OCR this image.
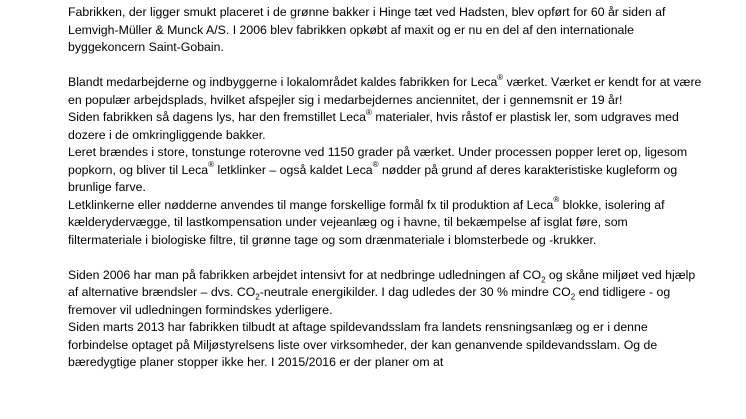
Fabrikken, der ligger smukt placeret i de grønne bakker i Hinge tæt ved Hadsten, blev opført for 60 år siden af Lemvigh-Müller & Munck A/S. I 2006 blev fabrikken opkøbt af maxit og er nu en del af den internationale byggekoncern Saint-Gobain.

Blandt medarbejderne og indbyggerne i lokalområdet kaldes fabrikken for Leca® værket. Værket er kendt for at være en populær arbejdsplads, hvilket afspejler sig i medarbejdernes anciennitet, der i gennemsnit er 19 år!

Siden fabrikken så dagens lys, har den fremstillet Leca® materialer, hvis råstof er plastisk ler, som udgraves med dozere i de omkringliggende bakker.

Leret brændes i store, tonstunge roterovne ved 1150 grader på værket. Under processen popper leret op, ligesom popkorn, og bliver til Leca® letklinker – også kaldet Leca® nødder på grund af deres karakteristiske kugleform og brunlige farve.

Letklinkerne eller nødderne anvendes til mange forskellige formål fx til produktion af Leca® blokke, isolering af kælderydervægge, til lastkompensation under vejeanlæg og i havne, til bekæmpelse af isglat føre, som filtermateriale i biologiske filtre, til grønne tage og som drænmateriale i blomsterbede og -krukker.

Siden 2006 har man på fabrikken arbejdet intensivt for at nedbringe udledningen af $CO_2$ og skåne miljøet ved hjælp af alternative brændsler – dvs. $CO_2$-neutrale energikilder. I dag udledes der 30 % mindre $CO_2$ end tidligere - og fremover vil udledningen formindskes yderligere.

Siden marts 2013 har fabrikken tilbudt at aftage spildevandsslam fra landets rensningsanlæg og er i denne forbindelse optaget på Miljøstyrelsens liste over virksomheder, der kan genanvende spildevandsslam. Og de bæredygtige planer stopper ikke her. I 2015/2016 er der planer om at
